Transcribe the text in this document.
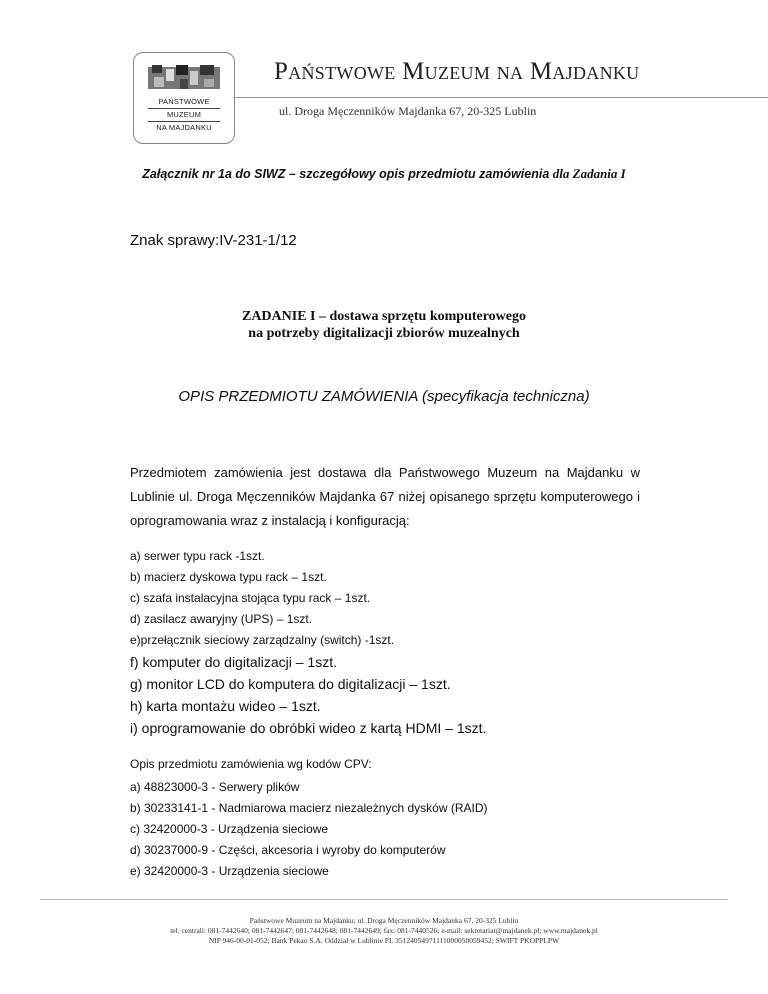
PAŃSTWOWE
MUZEUM
NA MAJDANKU
Państwowe Muzeum na Majdanku
ul. Droga Męczenników Majdanka 67, 20-325 Lublin
Załącznik nr 1a do SIWZ – szczegółowy opis przedmiotu zamówienia dla Zadania I
Znak sprawy:IV-231-1/12
ZADANIE I – dostawa sprzętu komputerowego
na potrzeby digitalizacji zbiorów muzealnych
OPIS PRZEDMIOTU ZAMÓWIENIA (specyfikacja techniczna)
Przedmiotem zamówienia jest dostawa dla Państwowego Muzeum na Majdanku w Lublinie ul. Droga Męczenników Majdanka 67 niżej opisanego sprzętu komputerowego i oprogramowania wraz z instalacją i konfiguracją:
a) serwer typu rack -1szt.
b) macierz dyskowa typu rack – 1szt.
c) szafa instalacyjna stojąca typu rack – 1szt.
d) zasilacz awaryjny (UPS) – 1szt.
e)przełącznik sieciowy zarządzalny (switch) -1szt.
f) komputer do digitalizacji – 1szt.
g) monitor LCD do komputera do digitalizacji – 1szt.
h) karta montażu wideo – 1szt.
i) oprogramowanie do obróbki wideo z kartą HDMI – 1szt.
Opis przedmiotu zamówienia wg kodów CPV:
a) 48823000-3 - Serwery plików
b) 30233141-1 - Nadmiarowa macierz niezależnych dysków (RAID)
c) 32420000-3 - Urządzenia sieciowe
d) 30237000-9 - Części, akcesoria i wyroby do komputerów
e) 32420000-3 - Urządzenia sieciowe
Państwowe Muzeum na Majdanku; ul. Droga Męczenników Majdanka 67, 20-325 Lublin
tel. centrali: 081-7442640; 081-7442647; 081-7442648; 081-7442649; fax: 081-7440526; e-mail: sekretariat@majdanek.pl; www.majdanek.pl
NIP 946-00-01-052; Bank Pekao S.A. Oddział w Lublinie PL 35124054971111000050059452; SWIFT PKOPPLPW
